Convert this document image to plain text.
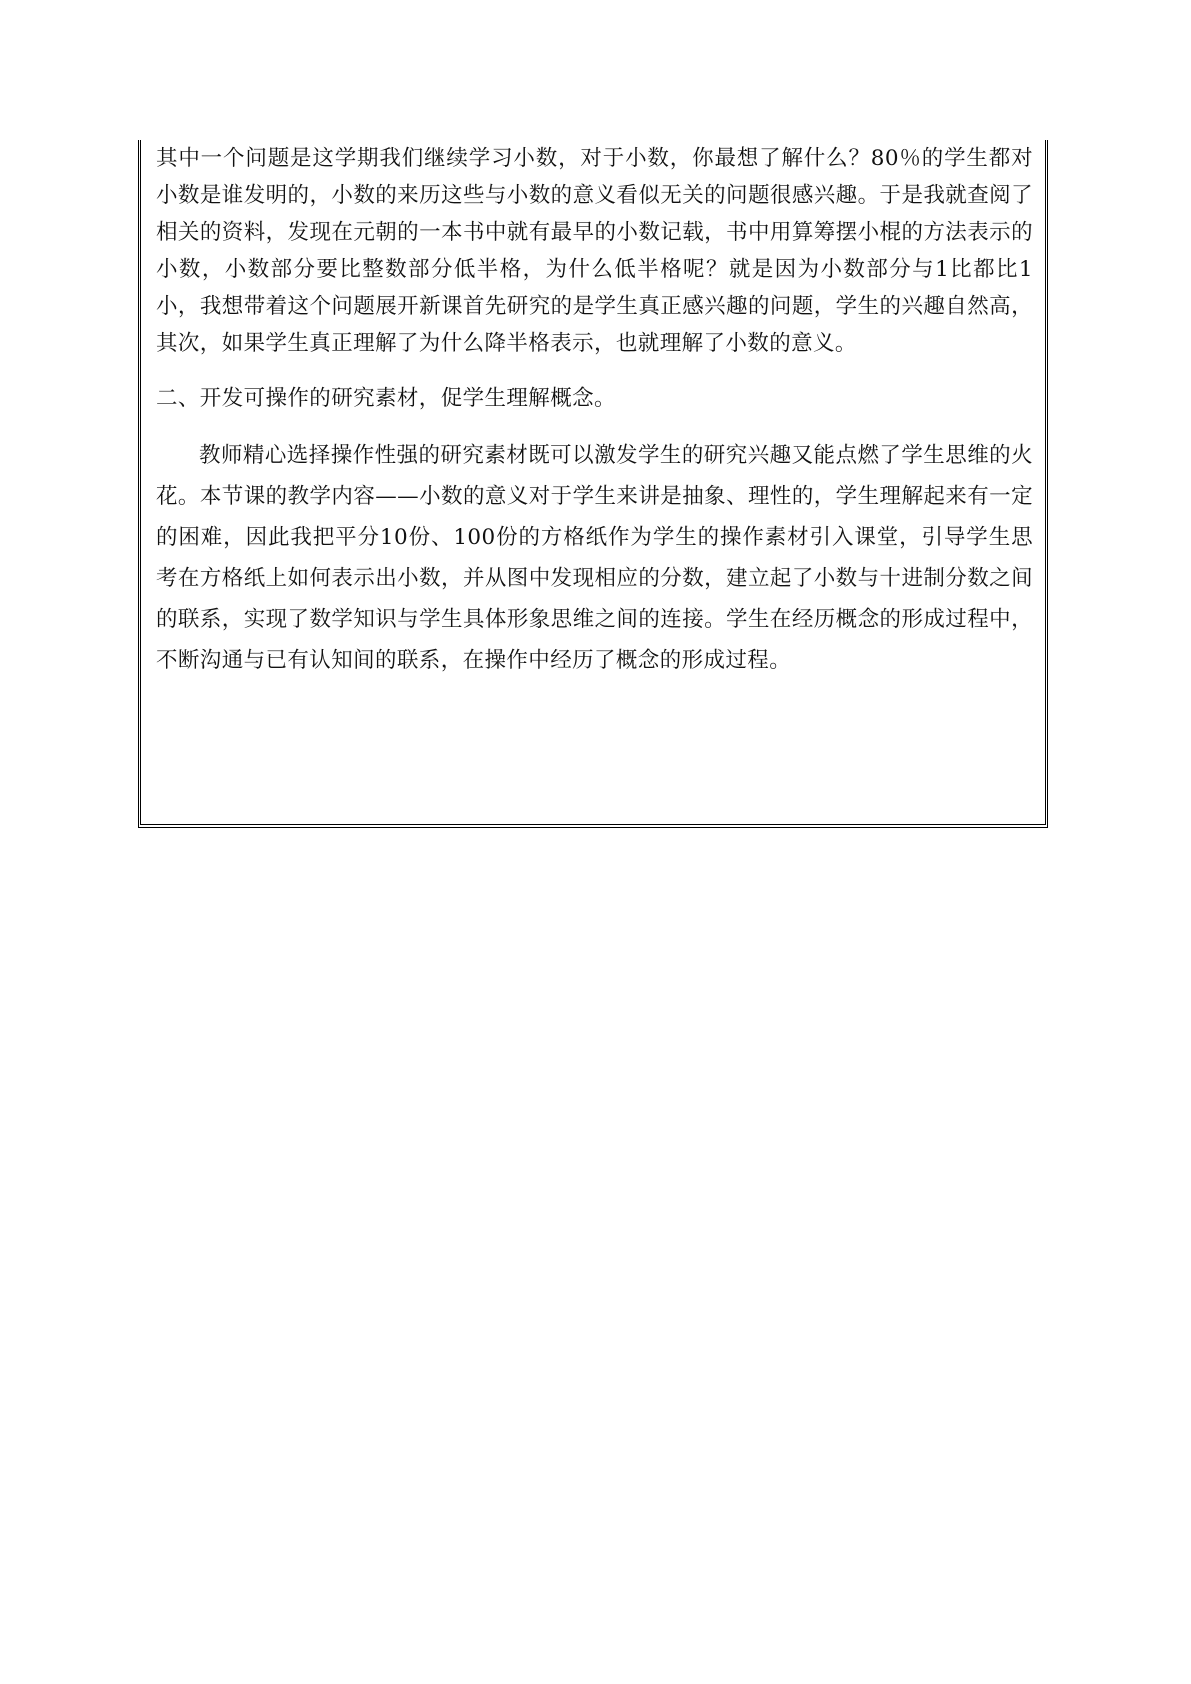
其中一个问题是这学期我们继续学习小数，对于小数，你最想了解什么？80％的学生都对小数是谁发明的，小数的来历这些与小数的意义看似无关的问题很感兴趣。于是我就查阅了相关的资料，发现在元朝的一本书中就有最早的小数记载，书中用算筹摆小棍的方法表示的小数，小数部分要比整数部分低半格，为什么低半格呢？就是因为小数部分与1比都比1小，我想带着这个问题展开新课首先研究的是学生真正感兴趣的问题，学生的兴趣自然高，其次，如果学生真正理解了为什么降半格表示，也就理解了小数的意义。

二、开发可操作的研究素材，促学生理解概念。

教师精心选择操作性强的研究素材既可以激发学生的研究兴趣又能点燃了学生思维的火花。本节课的教学内容——小数的意义对于学生来讲是抽象、理性的，学生理解起来有一定的困难，因此我把平分10份、100份的方格纸作为学生的操作素材引入课堂，引导学生思考在方格纸上如何表示出小数，并从图中发现相应的分数，建立起了小数与十进制分数之间的联系，实现了数学知识与学生具体形象思维之间的连接。学生在经历概念的形成过程中，不断沟通与已有认知间的联系，在操作中经历了概念的形成过程。
